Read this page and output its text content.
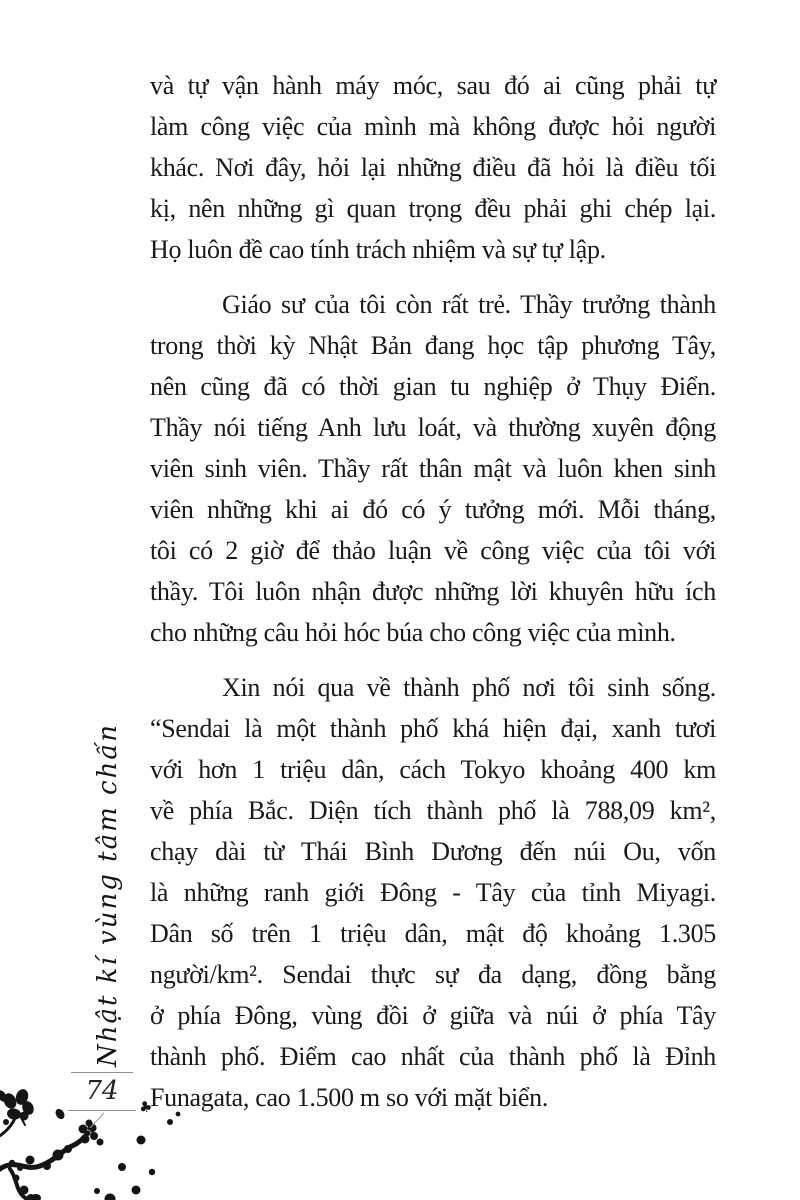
và tự vận hành máy móc, sau đó ai cũng phải tự
làm công việc của mình mà không được hỏi người
khác. Nơi đây, hỏi lại những điều đã hỏi là điều tối
kị, nên những gì quan trọng đều phải ghi chép lại.
Họ luôn đề cao tính trách nhiệm và sự tự lập.
Giáo sư của tôi còn rất trẻ. Thầy trưởng thành
trong thời kỳ Nhật Bản đang học tập phương Tây,
nên cũng đã có thời gian tu nghiệp ở Thụy Điển.
Thầy nói tiếng Anh lưu loát, và thường xuyên động
viên sinh viên. Thầy rất thân mật và luôn khen sinh
viên những khi ai đó có ý tưởng mới. Mỗi tháng,
tôi có 2 giờ để thảo luận về công việc của tôi với
thầy. Tôi luôn nhận được những lời khuyên hữu ích
cho những câu hỏi hóc búa cho công việc của mình.
Xin nói qua về thành phố nơi tôi sinh sống.
“Sendai là một thành phố khá hiện đại, xanh tươi
với hơn 1 triệu dân, cách Tokyo khoảng 400 km
về phía Bắc. Diện tích thành phố là 788,09 km²,
chạy dài từ Thái Bình Dương đến núi Ou, vốn
là những ranh giới Đông - Tây của tỉnh Miyagi.
Dân số trên 1 triệu dân, mật độ khoảng 1.305
người/km². Sendai thực sự đa dạng, đồng bằng
ở phía Đông, vùng đồi ở giữa và núi ở phía Tây
thành phố. Điểm cao nhất của thành phố là Đỉnh
Funagata, cao 1.500 m so với mặt biển.
Nhật kí vùng tâm chấn
74
♣
